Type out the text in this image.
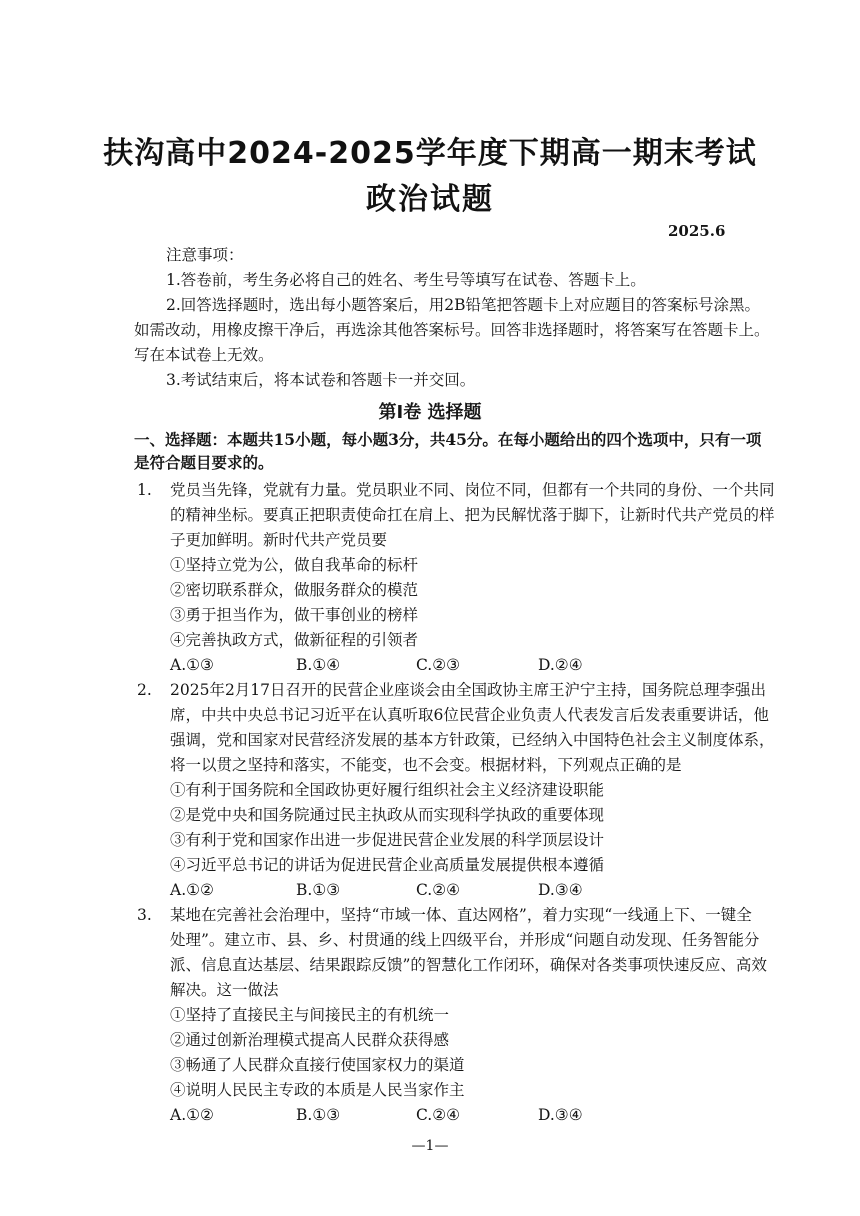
扶沟高中2024-2025学年度下期高一期末考试
政治试题
2025.6
注意事项：
1.答卷前，考生务必将自己的姓名、考生号等填写在试卷、答题卡上。
2.回答选择题时，选出每小题答案后，用2B铅笔把答题卡上对应题目的答案标号涂黑。
如需改动，用橡皮擦干净后，再选涂其他答案标号。回答非选择题时，将答案写在答题卡上。
写在本试卷上无效。
3.考试结束后，将本试卷和答题卡一并交回。
第Ⅰ卷 选择题
一、选择题：本题共15小题，每小题3分，共45分。在每小题给出的四个选项中，只有一项是符合题目要求的。
1. 党员当先锋，党就有力量。党员职业不同、岗位不同，但都有一个共同的身份、一个共同
的精神坐标。要真正把职责使命扛在肩上、把为民解忧落于脚下，让新时代共产党员的样
子更加鲜明。新时代共产党员要
①坚持立党为公，做自我革命的标杆
②密切联系群众，做服务群众的模范
③勇于担当作为，做干事创业的榜样
④完善执政方式，做新征程的引领者
A.①③	B.①④	C.②③	D.②④
2. 2025年2月17日召开的民营企业座谈会由全国政协主席王沪宁主持，国务院总理李强出
席，中共中央总书记习近平在认真听取6位民营企业负责人代表发言后发表重要讲话，他
强调，党和国家对民营经济发展的基本方针政策，已经纳入中国特色社会主义制度体系，
将一以贯之坚持和落实，不能变，也不会变。根据材料，下列观点正确的是
①有利于国务院和全国政协更好履行组织社会主义经济建设职能
②是党中央和国务院通过民主执政从而实现科学执政的重要体现
③有利于党和国家作出进一步促进民营企业发展的科学顶层设计
④习近平总书记的讲话为促进民营企业高质量发展提供根本遵循
A.①②	B.①③	C.②④	D.③④
3. 某地在完善社会治理中，坚持“市域一体、直达网格”，着力实现“一线通上下、一键全
处理”。建立市、县、乡、村贯通的线上四级平台，并形成“问题自动发现、任务智能分
派、信息直达基层、结果跟踪反馈”的智慧化工作闭环，确保对各类事项快速反应、高效
解决。这一做法
①坚持了直接民主与间接民主的有机统一
②通过创新治理模式提高人民群众获得感
③畅通了人民群众直接行使国家权力的渠道
④说明人民民主专政的本质是人民当家作主
A.①②	B.①③	C.②④	D.③④
—1—
